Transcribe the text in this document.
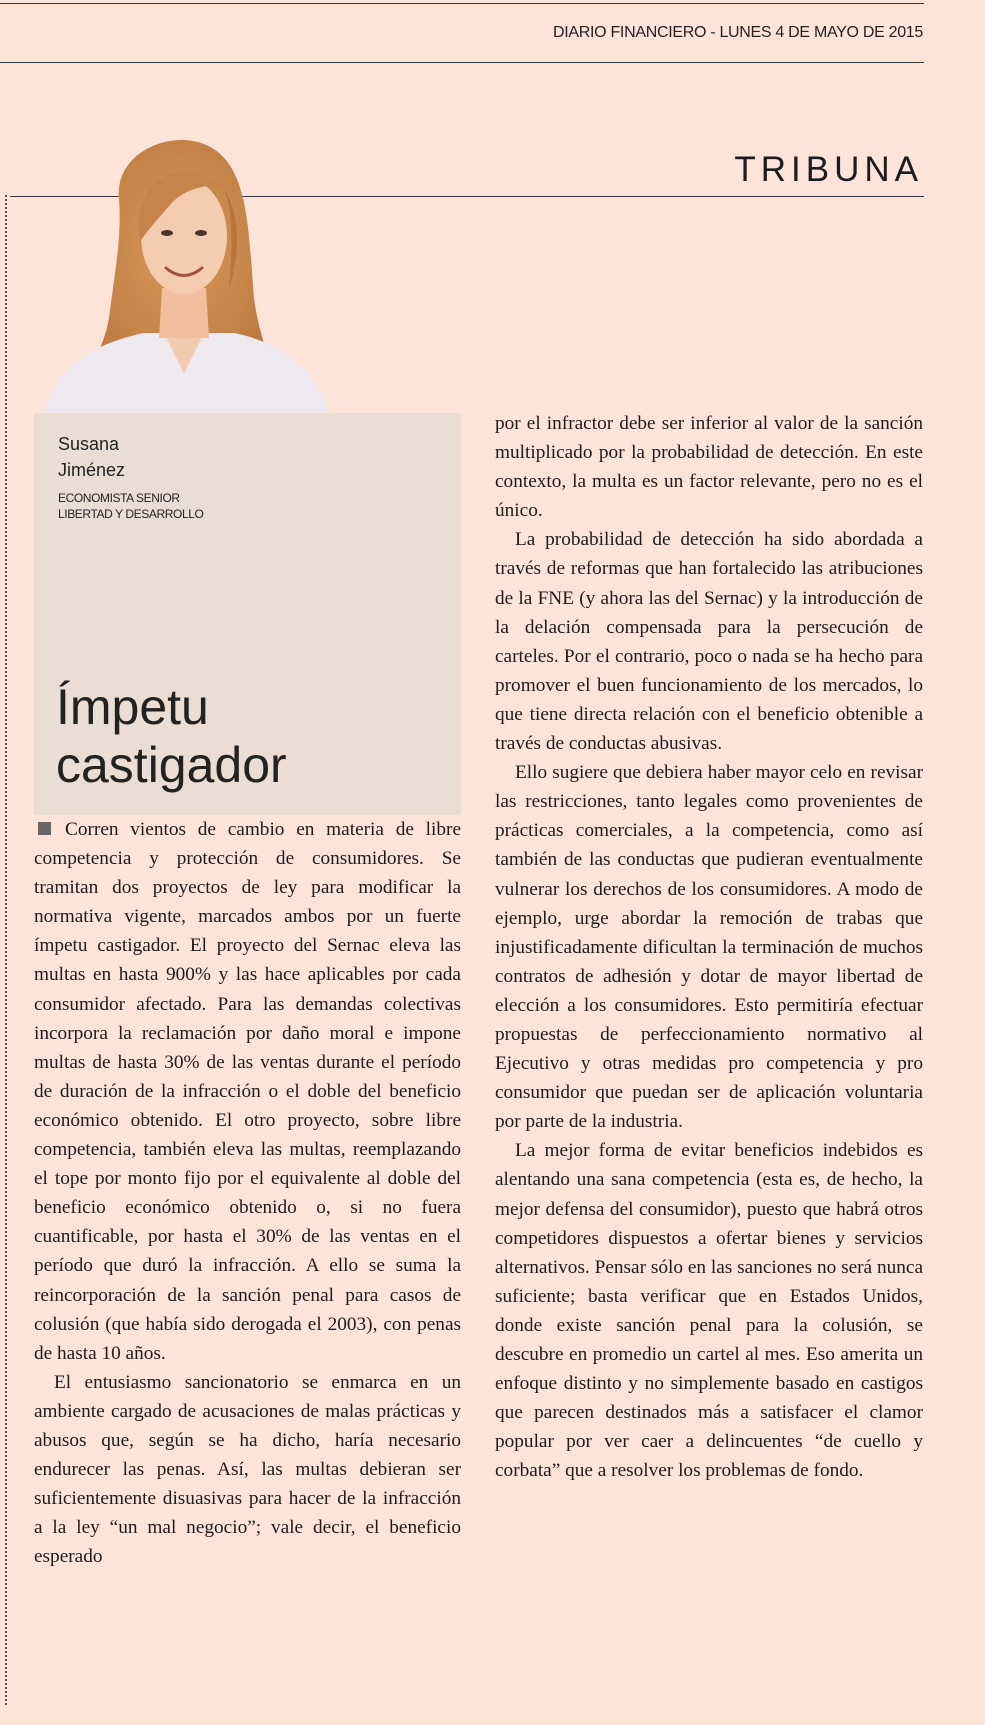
DIARIO FINANCIERO - LUNES 4 DE MAYO DE 2015
TRIBUNA
Susana
Jiménez
ECONOMISTA SENIOR
LIBERTAD Y DESARROLLO
Ímpetu
castigador

Corren vientos de cambio en materia de libre competencia y protección de consumidores. Se tramitan dos proyectos de ley para modificar la normativa vigente, marcados ambos por un fuerte ímpetu castigador. El proyecto del Sernac eleva las multas en hasta 900% y las hace aplicables por cada consumidor afectado. Para las demandas colectivas incorpora la reclamación por daño moral e impone multas de hasta 30% de las ventas durante el período de duración de la infracción o el doble del beneficio económico obtenido. El otro proyecto, sobre libre competencia, también eleva las multas, reemplazando el tope por monto fijo por el equivalente al doble del beneficio económico obtenido o, si no fuera cuantificable, por hasta el 30% de las ventas en el período que duró la infracción. A ello se suma la reincorporación de la sanción penal para casos de colusión (que había sido derogada el 2003), con penas de hasta 10 años.

El entusiasmo sancionatorio se enmarca en un ambiente cargado de acusaciones de malas prácticas y abusos que, según se ha dicho, haría necesario endurecer las penas. Así, las multas debieran ser suficientemente disuasivas para hacer de la infracción a la ley “un mal negocio”; vale decir, el beneficio esperado

por el infractor debe ser inferior al valor de la sanción multiplicado por la probabilidad de detección. En este contexto, la multa es un factor relevante, pero no es el único.

La probabilidad de detección ha sido abordada a través de reformas que han fortalecido las atribuciones de la FNE (y ahora las del Sernac) y la introducción de la delación compensada para la persecución de carteles. Por el contrario, poco o nada se ha hecho para promover el buen funcionamiento de los mercados, lo que tiene directa relación con el beneficio obtenible a través de conductas abusivas.

Ello sugiere que debiera haber mayor celo en revisar las restricciones, tanto legales como provenientes de prácticas comerciales, a la competencia, como así también de las conductas que pudieran eventualmente vulnerar los derechos de los consumidores. A modo de ejemplo, urge abordar la remoción de trabas que injustificadamente dificultan la terminación de muchos contratos de adhesión y dotar de mayor libertad de elección a los consumidores. Esto permitiría efectuar propuestas de perfeccionamiento normativo al Ejecutivo y otras medidas pro competencia y pro consumidor que puedan ser de aplicación voluntaria por parte de la industria.

La mejor forma de evitar beneficios indebidos es alentando una sana competencia (esta es, de hecho, la mejor defensa del consumidor), puesto que habrá otros competidores dispuestos a ofertar bienes y servicios alternativos. Pensar sólo en las sanciones no será nunca suficiente; basta verificar que en Estados Unidos, donde existe sanción penal para la colusión, se descubre en promedio un cartel al mes. Eso amerita un enfoque distinto y no simplemente basado en castigos que parecen destinados más a satisfacer el clamor popular por ver caer a delincuentes “de cuello y corbata” que a resolver los problemas de fondo.
